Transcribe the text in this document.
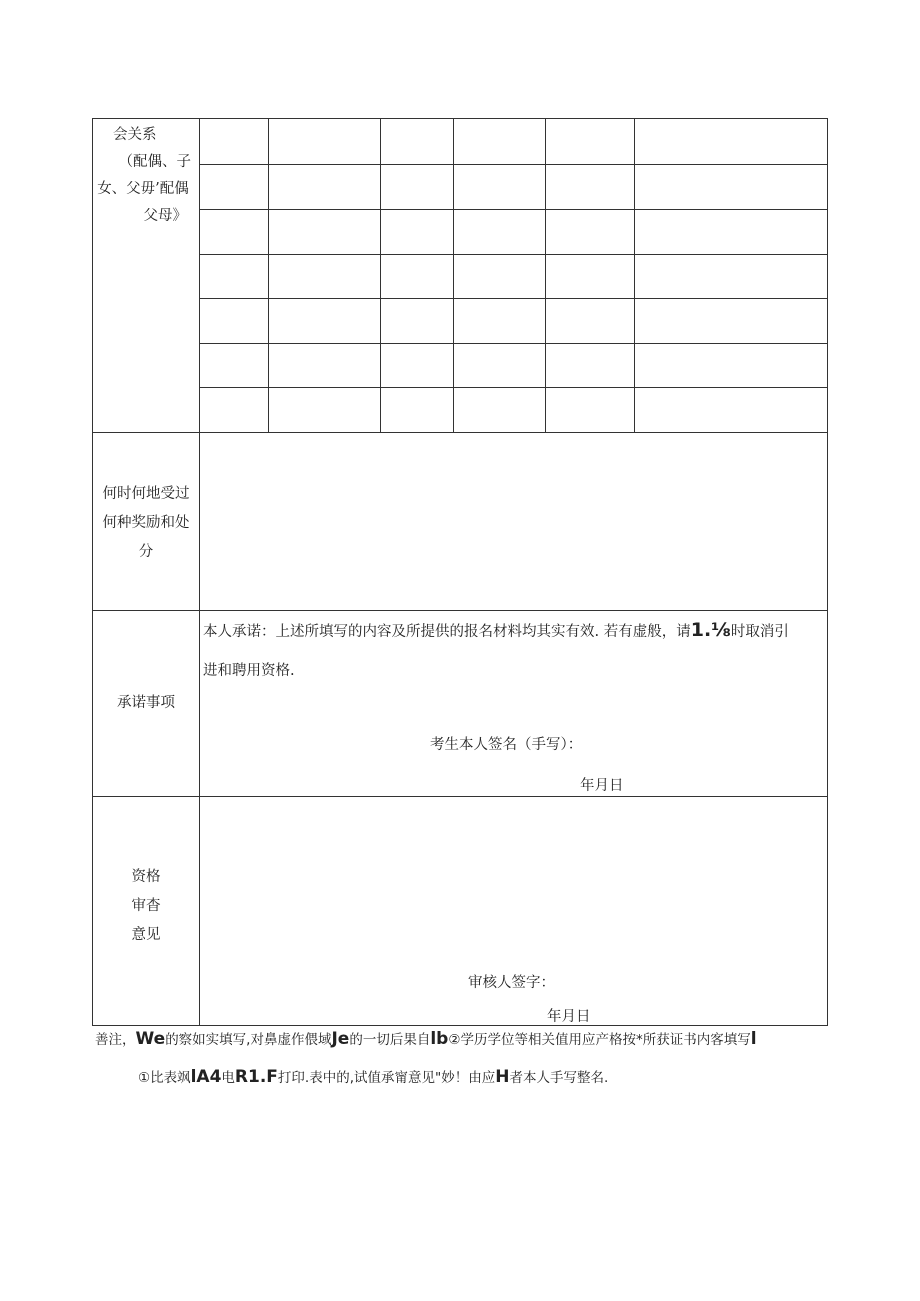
会关系
（配偶、子
女、父毋’配偶
父母》
何时何地受过
何种奖励和处
分
承诺事项
本人承诺：上述所填写的内容及所提供的报名材料均其实有效. 若有虚般，请1.⅛时取消引
进和聘用资格.
考生本人签名（手写）：
年月日
资格
审杳
意见
审核人签字：
年月日
善注，We的察如实填写,对鼻虚作偎域Je的一切后果自lb②学历学位等相关值用应产格按*所获证书内客填写l
①比表飒lA4电R1.F打印.表中的,试值承甯意见"妙！由应H者本人手写整名.
